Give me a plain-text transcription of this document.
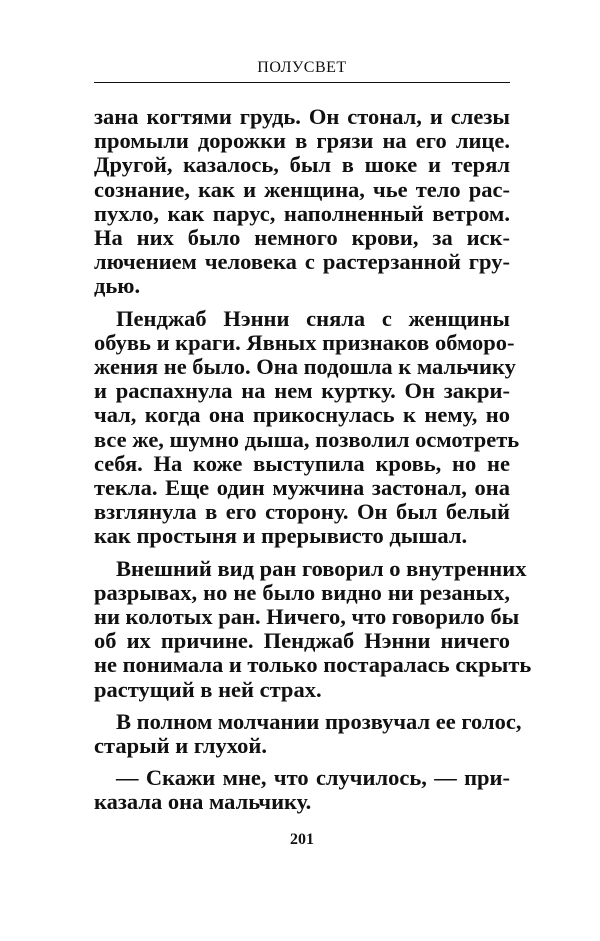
ПОЛУСВЕТ
зана когтями грудь. Он стонал, и слезы
промыли дорожки в грязи на его лице.
Другой, казалось, был в шоке и терял
сознание, как и женщина, чье тело рас-
пухло, как парус, наполненный ветром.
На них было немного крови, за иск-
лючением человека с растерзанной гру-
дью.
Пенджаб Нэнни сняла с женщины
обувь и краги. Явных признаков обморо-
жения не было. Она подошла к мальчику
и распахнула на нем куртку. Он закри-
чал, когда она прикоснулась к нему, но
все же, шумно дыша, позволил осмотреть
себя. На коже выступила кровь, но не
текла. Еще один мужчина застонал, она
взглянула в его сторону. Он был белый
как простыня и прерывисто дышал.
Внешний вид ран говорил о внутренних
разрывах, но не было видно ни резаных,
ни колотых ран. Ничего, что говорило бы
об их причине. Пенджаб Нэнни ничего
не понимала и только постаралась скрыть
растущий в ней страх.
В полном молчании прозвучал ее голос,
старый и глухой.
— Скажи мне, что случилось, — при-
казала она мальчику.
201
